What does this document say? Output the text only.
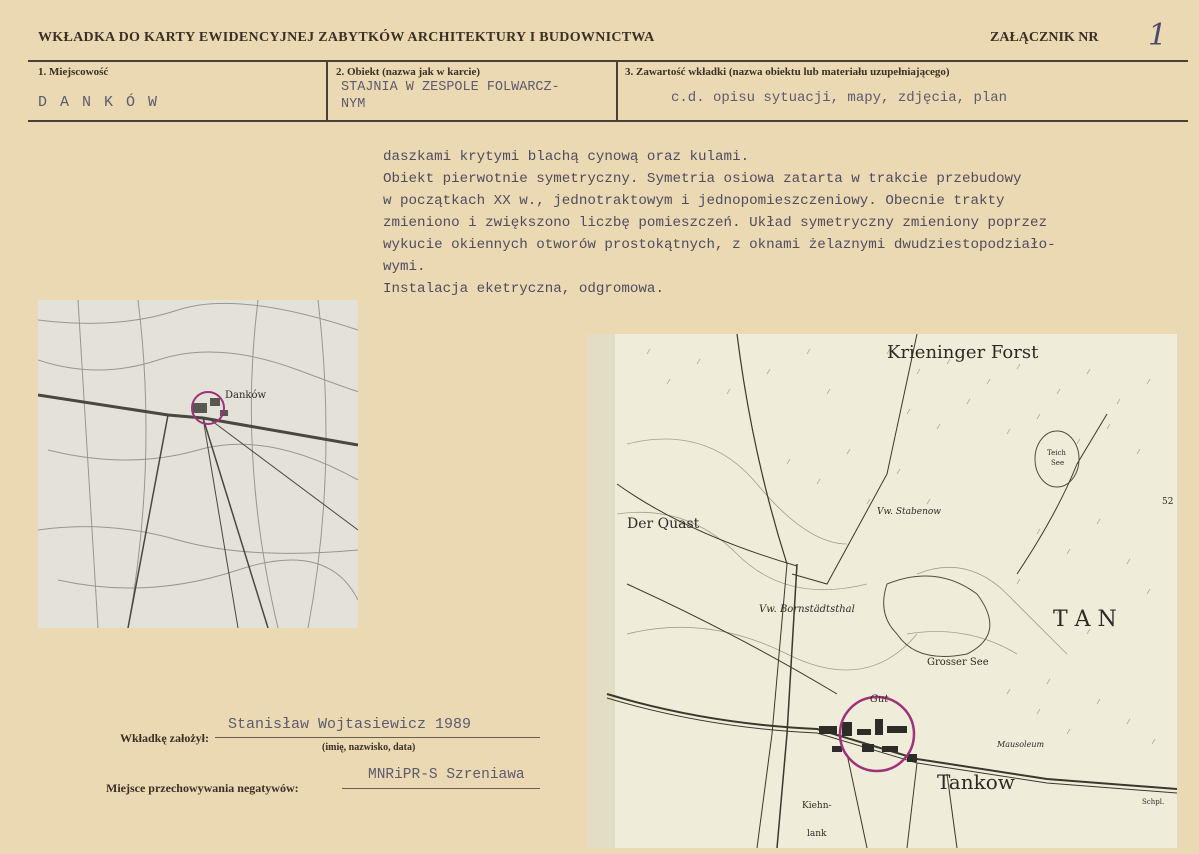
WKŁADKA DO KARTY EWIDENCYJNEJ ZABYTKÓW ARCHITEKTURY I BUDOWNICTWA	ZAŁĄCZNIK NR 1
1. Miejscowość
D A N K Ó W
2. Obiekt (nazwa jak w karcie)
STAJNIA W ZESPOLE FOLWARCZ-
NYM
3. Zawartość wkładki (nazwa obiektu lub materiału uzupełniającego)
c.d. opisu sytuacji, mapy, zdjęcia, plan
daszkami krytymi blachą cynową oraz kulami.
Obiekt pierwotnie symetryczny. Symetria osiowa zatarta w trakcie przebudowy
w początkach XX w., jednotraktowym i jednopomieszczeniowy. Obecnie trakty
zmieniono i zwiększono liczbę pomieszczeń. Układ symetryczny zmieniony poprzez
wykucie okiennych otworów prostokątnych, z oknami żelaznymi dwudziestopodziało-
wymi.
Instalacja eketryczna, odgromowa.
Danków
Krieninger Forst
Der Quast
Vw. Stabenow
Vw. Bornstädtsthal
Grosser See
Gut
Tankow
T A N
Teich
See
Mausoleum
Kiehn-
lank
Schpl.
52
Wkładkę założył:
Stanisław Wojtasiewicz 1989
(imię, nazwisko, data)
Miejsce przechowywania negatywów:
MNRiPR-S Szreniawa
